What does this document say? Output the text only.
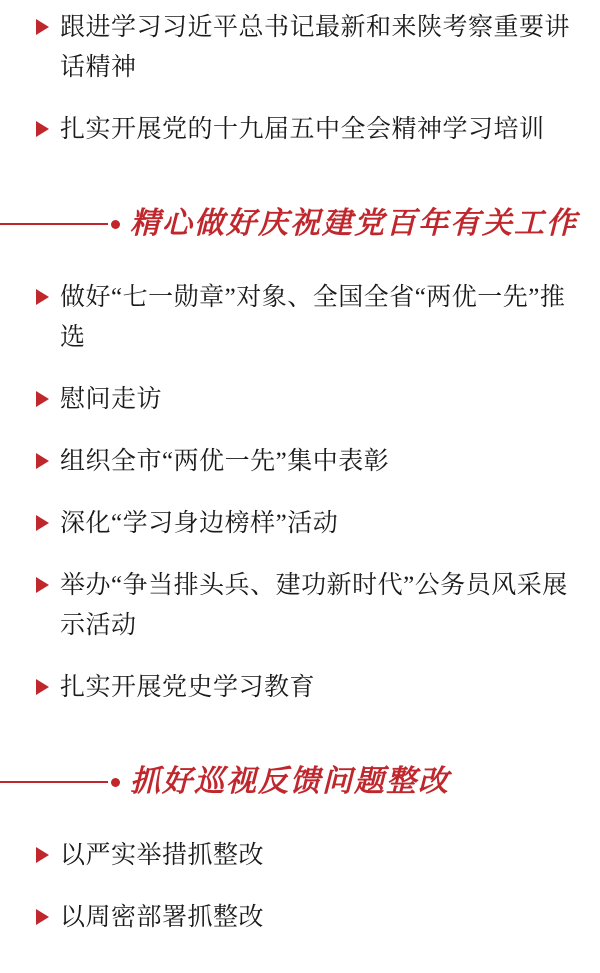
跟进学习习近平总书记最新和来陕考察重要讲话精神
扎实开展党的十九届五中全会精神学习培训
精心做好庆祝建党百年有关工作
做好“七一勋章”对象、全国全省“两优一先”推选
慰问走访
组织全市“两优一先”集中表彰
深化“学习身边榜样”活动
举办“争当排头兵、建功新时代”公务员风采展示活动
扎实开展党史学习教育
抓好巡视反馈问题整改
以严实举措抓整改
以周密部署抓整改
